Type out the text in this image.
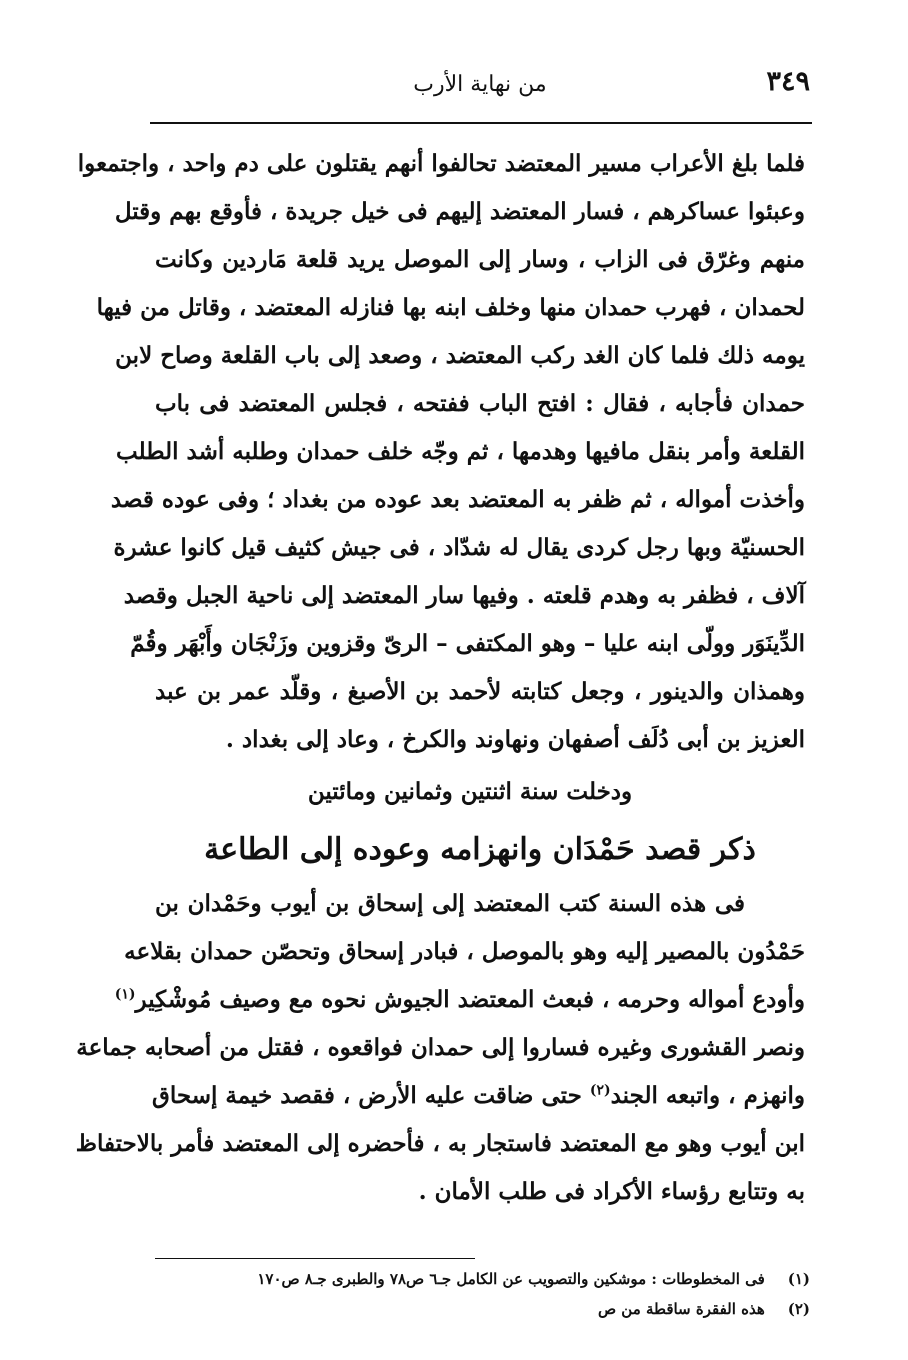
٣٤٩
من نهاية الأرب
فلما بلغ الأعراب مسير المعتضد تحالفوا أنهم يقتلون على دم واحد ، واجتمعوا
وعبئوا عساكرهم ، فسار المعتضد إليهم فى خيل جريدة ، فأوقع بهم وقتل
منهم وغرّق فى الزاب ، وسار إلى الموصل يريد قلعة مَاردين وكانت
لحمدان ، فهرب حمدان منها وخلف ابنه بها فنازله المعتضد ، وقاتل من فيها
يومه ذلك فلما كان الغد ركب المعتضد ، وصعد إلى باب القلعة وصاح لابن
حمدان فأجابه ، فقال : افتح الباب ففتحه ، فجلس المعتضد فى باب
القلعة وأمر بنقل مافيها وهدمها ، ثم وجّه خلف حمدان وطلبه أشد الطلب
وأخذت أمواله ، ثم ظفر به المعتضد بعد عوده من بغداد ؛ وفى عوده قصد
الحسنيّة وبها رجل كردى يقال له شدّاد ، فى جيش كثيف قيل كانوا عشرة
آلاف ، فظفر به وهدم قلعته . وفيها سار المعتضد إلى ناحية الجبل وقصد
الدِّينَوَر وولّى ابنه عليا – وهو المكتفى – الرىّ وقزوين وزَنْجَان وأَبْهَر وقُمّ
وهمذان والدينور ، وجعل كتابته لأحمد بن الأصبغ ، وقلّد عمر بن عبد
العزيز بن أبى دُلَف أصفهان ونهاوند والكرخ ، وعاد إلى بغداد .
ودخلت سنة اثنتين وثمانين ومائتين
ذكر قصد حَمْدَان وانهزامه وعوده إلى الطاعة
فى هذه السنة كتب المعتضد إلى إسحاق بن أيوب وحَمْدان بن
حَمْدُون بالمصير إليه وهو بالموصل ، فبادر إسحاق وتحصّن حمدان بقلاعه
وأودع أمواله وحرمه ، فبعث المعتضد الجيوش نحوه مع وصيف مُوشْكِير$^{(١)}$
ونصر القشورى وغيره فساروا إلى حمدان فواقعوه ، فقتل من أصحابه جماعة
وانهزم ، واتبعه الجند$^{(٢)}$ حتى ضاقت عليه الأرض ، فقصد خيمة إسحاق
ابن أيوب وهو مع المعتضد فاستجار به ، فأحضره إلى المعتضد فأمر بالاحتفاظ
به وتتابع رؤساء الأكراد فى طلب الأمان .
(١) فى المخطوطات : موشكين والتصويب عن الكامل جـ٦ ص٧٨ والطبرى جـ٨ ص١٧٠
(٢) هذه الفقرة ساقطة من ص
